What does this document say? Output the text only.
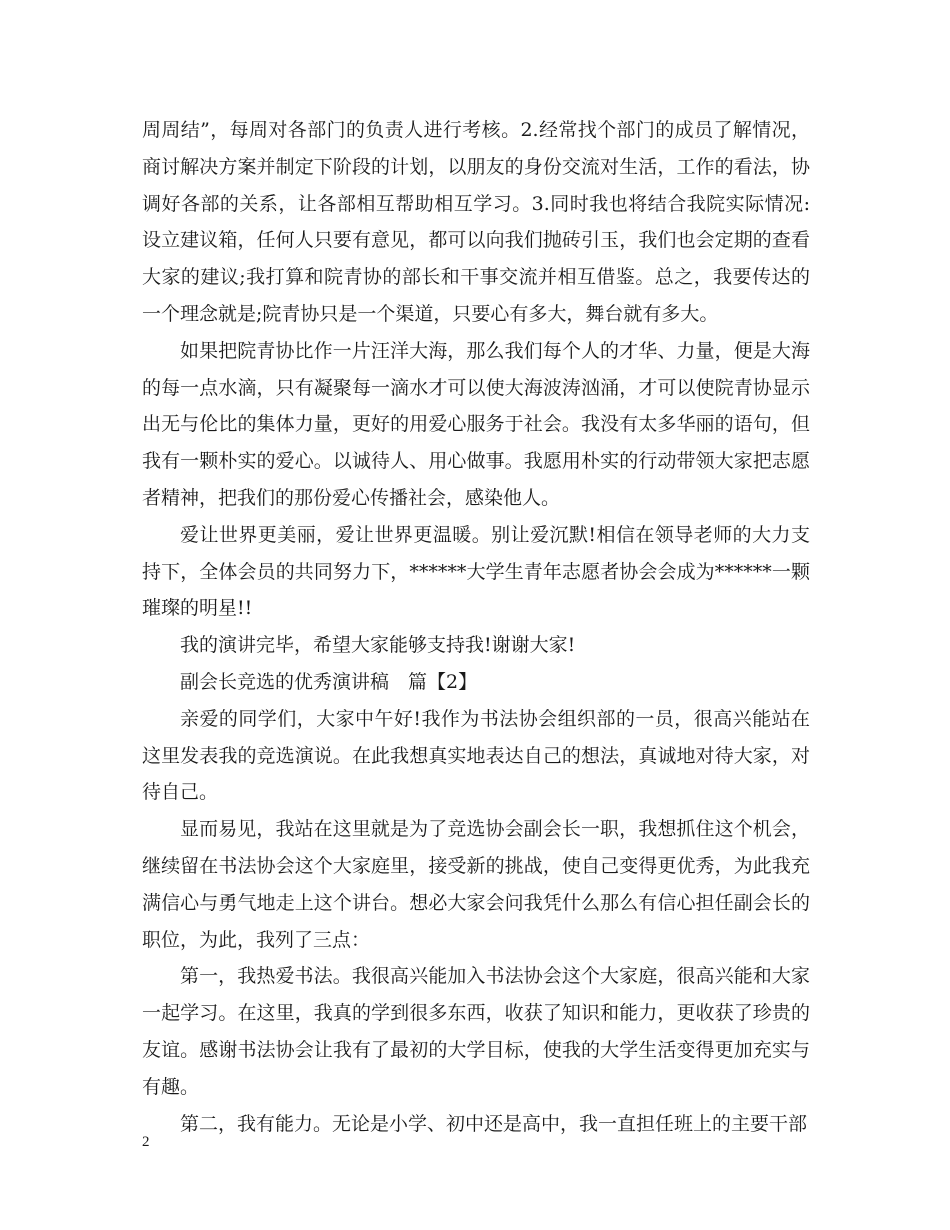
周周结”，每周对各部门的负责人进行考核。2.经常找个部门的成员了解情况，商讨解决方案并制定下阶段的计划，以朋友的身份交流对生活，工作的看法，协调好各部的关系，让各部相互帮助相互学习。3.同时我也将结合我院实际情况:设立建议箱，任何人只要有意见，都可以向我们抛砖引玉，我们也会定期的查看大家的建议;我打算和院青协的部长和干事交流并相互借鉴。总之，我要传达的一个理念就是;院青协只是一个渠道，只要心有多大，舞台就有多大。

如果把院青协比作一片汪洋大海，那么我们每个人的才华、力量，便是大海的每一点水滴，只有凝聚每一滴水才可以使大海波涛汹涌，才可以使院青协显示出无与伦比的集体力量，更好的用爱心服务于社会。我没有太多华丽的语句，但我有一颗朴实的爱心。以诚待人、用心做事。我愿用朴实的行动带领大家把志愿者精神，把我们的那份爱心传播社会，感染他人。

爱让世界更美丽，爱让世界更温暖。别让爱沉默!相信在领导老师的大力支持下，全体会员的共同努力下，******大学生青年志愿者协会会成为******一颗璀璨的明星!!

我的演讲完毕，希望大家能够支持我!谢谢大家!

副会长竞选的优秀演讲稿　篇【2】

亲爱的同学们，大家中午好!我作为书法协会组织部的一员，很高兴能站在这里发表我的竞选演说。在此我想真实地表达自己的想法，真诚地对待大家，对待自己。

显而易见，我站在这里就是为了竞选协会副会长一职，我想抓住这个机会，继续留在书法协会这个大家庭里，接受新的挑战，使自己变得更优秀，为此我充满信心与勇气地走上这个讲台。想必大家会问我凭什么那么有信心担任副会长的职位，为此，我列了三点：

第一，我热爱书法。我很高兴能加入书法协会这个大家庭，很高兴能和大家一起学习。在这里，我真的学到很多东西，收获了知识和能力，更收获了珍贵的友谊。感谢书法协会让我有了最初的大学目标，使我的大学生活变得更加充实与有趣。

第二，我有能力。无论是小学、初中还是高中，我一直担任班上的主要干部

2
